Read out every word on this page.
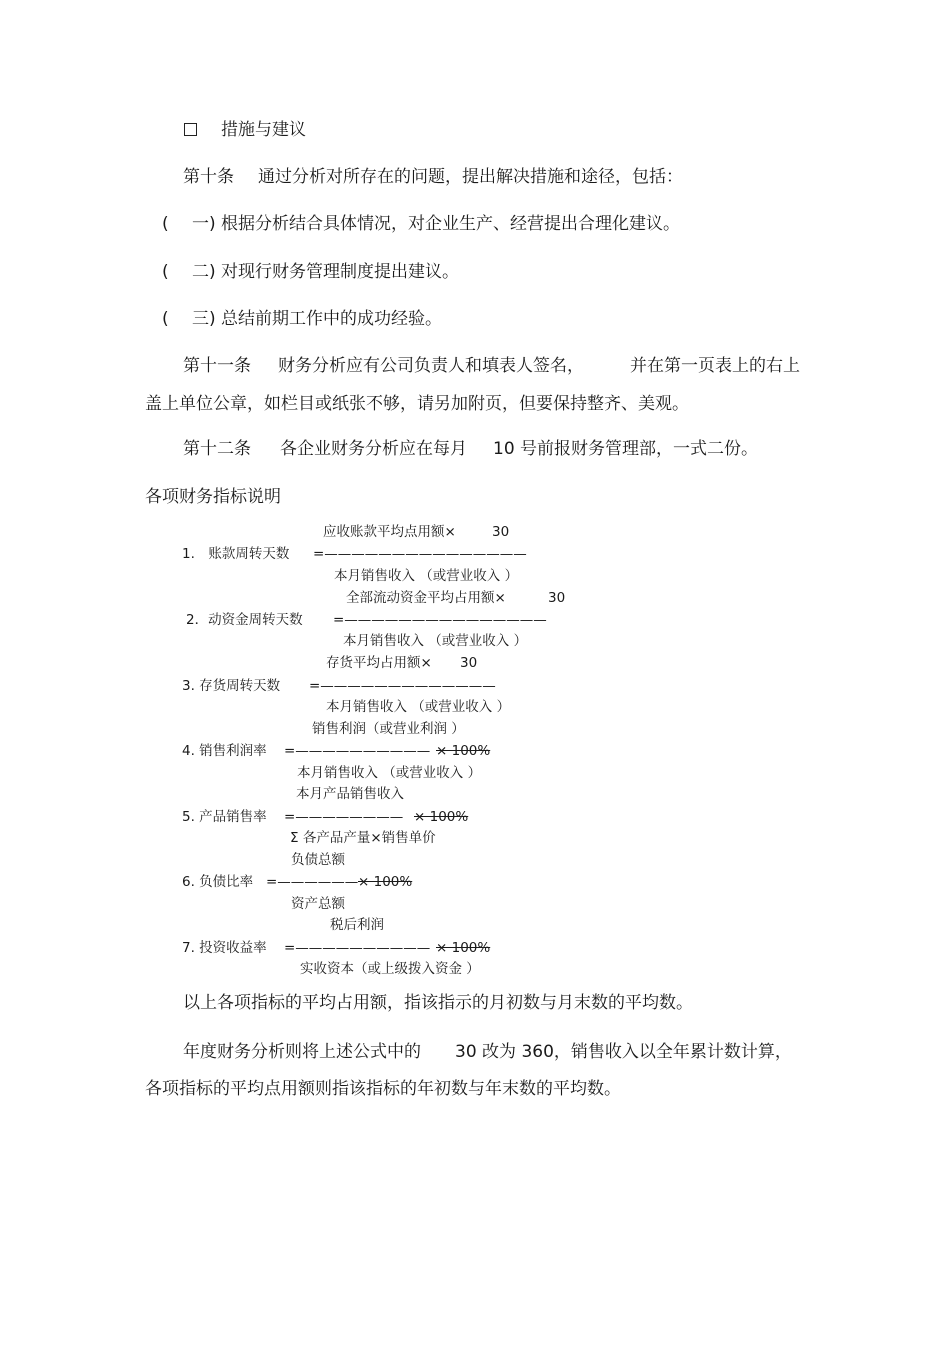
措施与建议
第十条 通过分析对所存在的问题，提出解决措施和途径，包括：
( 一) 根据分析结合具体情况，对企业生产、经营提出合理化建议。
( 二) 对现行财务管理制度提出建议。
( 三) 总结前期工作中的成功经验。
第十一条 财务分析应有公司负责人和填表人签名，	并在第一页表上的右上
盖上单位公章，如栏目或纸张不够，请另加附页，但要保持整齐、美观。
第十二条 各企业财务分析应在每月 10 号前报财务管理部，一式二份。
各项财务指标说明
应收账款平均点用额×	30
1.　账款周转天数 =———————————————
本月销售收入 （或营业收入 ）
全部流动资金平均占用额×	30
2．动资金周转天数 =———————————————
本月销售收入 （或营业收入 ）
存货平均占用额× 30
3. 存货周转天数 =—————————————
本月销售收入 （或营业收入 ）
销售利润（或营业利润 ）
4. 销售利润率 =—————————— × 100%
本月销售收入 （或营业收入 ）
本月产品销售收入
5. 产品销售率 =———————— × 100%
Σ 各产品产量×销售单价
负债总额
6. 负债比率 =—————— × 100%
资产总额
税后利润
7. 投资收益率 =—————————— × 100%
实收资本（或上级拨入资金 ）
以上各项指标的平均占用额，指该指示的月初数与月末数的平均数。
年度财务分析则将上述公式中的 30 改为 360，销售收入以全年累计数计算，
各项指标的平均点用额则指该指标的年初数与年末数的平均数。
